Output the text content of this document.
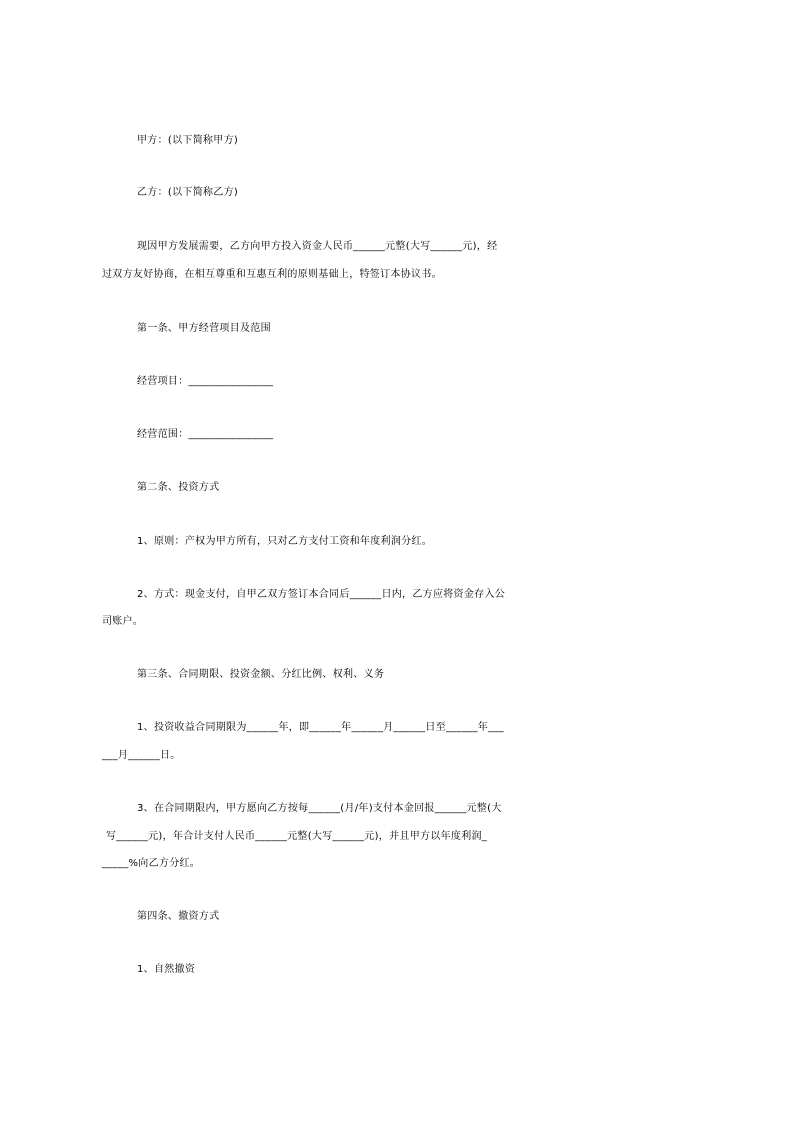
甲方：(以下简称甲方)
乙方：(以下简称乙方)
现因甲方发展需要，乙方向甲方投入资金人民币______元整(大写______元)，经
过双方友好协商，在相互尊重和互惠互利的原则基础上，特签订本协议书。
第一条、甲方经营项目及范围
经营项目：________________
经营范围：________________
第二条、投资方式
1、原则：产权为甲方所有，只对乙方支付工资和年度利润分红。
2、方式：现金支付，自甲乙双方签订本合同后______日内，乙方应将资金存入公
司账户。
第三条、合同期限、投资金额、分红比例、权利、义务
1、投资收益合同期限为______年，即______年______月______日至______年___
___月______日。
3、在合同期限内，甲方愿向乙方按每______(月/年)支付本金回报______元整(大
写______元)，年合计支付人民币______元整(大写______元)，并且甲方以年度利润_
_____%向乙方分红。
第四条、撤资方式
1、自然撤资
